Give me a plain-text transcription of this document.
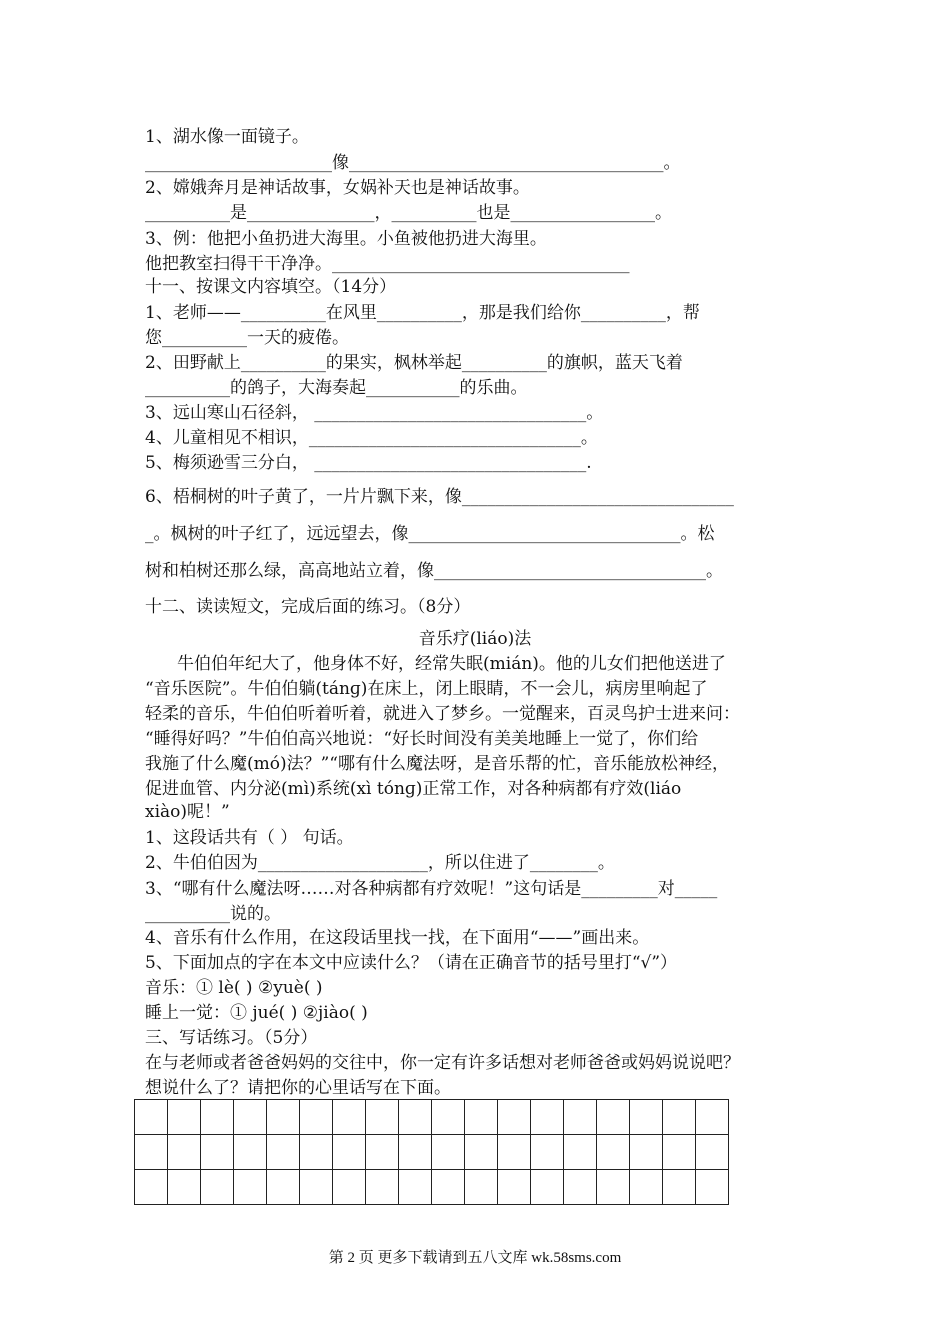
1、湖水像一面镜子。
______________________像_____________________________________。
2、嫦娥奔月是神话故事，女娲补天也是神话故事。
__________是_______________，__________也是_________________。
3、例：他把小鱼扔进大海里。小鱼被他扔进大海里。
他把教室扫得干干净净。___________________________________
十一、按课文内容填空。（14分）
1、老师——__________在风里__________，那是我们给你__________，帮
您__________一天的疲倦。
2、田野献上__________的果实，枫林举起__________的旗帜，蓝天飞着
__________的鸽子，大海奏起___________的乐曲。
3、远山寒山石径斜， ________________________________。
4、儿童相见不相识，________________________________。
5、梅须逊雪三分白， ________________________________.
6、梧桐树的叶子黄了，一片片飘下来，像________________________________
_。枫树的叶子红了，远远望去，像________________________________。松
树和柏树还那么绿，高高地站立着，像________________________________。
十二、读读短文，完成后面的练习。（8分）
音乐疗(liáo)法
牛伯伯年纪大了，他身体不好，经常失眠(mián)。他的儿女们把他送进了
“音乐医院”。牛伯伯躺(tánɡ)在床上，闭上眼睛，不一会儿，病房里响起了
轻柔的音乐，牛伯伯听着听着，就进入了梦乡。一觉醒来，百灵鸟护士进来问：
“睡得好吗？”牛伯伯高兴地说：“好长时间没有美美地睡上一觉了，你们给
我施了什么魔(mó)法？”“哪有什么魔法呀，是音乐帮的忙，音乐能放松神经，
促进血管、内分泌(mì)系统(xì tónɡ)正常工作，对各种病都有疗效(liáo
xiào)呢！”
1、这段话共有（ ） 句话。
2、牛伯伯因为____________________，所以住进了________。
3、“哪有什么魔法呀……对各种病都有疗效呢！”这句话是_________对_____
__________说的。
4、音乐有什么作用，在这段话里找一找，在下面用“——”画出来。
5、下面加点的字在本文中应读什么？（请在正确音节的括号里打“√”）
音乐：① lè( ) ②yuè( )
睡上一觉：① jué( ) ②jiào( )
三、写话练习。（5分）
在与老师或者爸爸妈妈的交往中，你一定有许多话想对老师爸爸或妈妈说说吧？
想说什么了？请把你的心里话写在下面。

第 2 页 更多下载请到五八文库 wk.58sms.com
